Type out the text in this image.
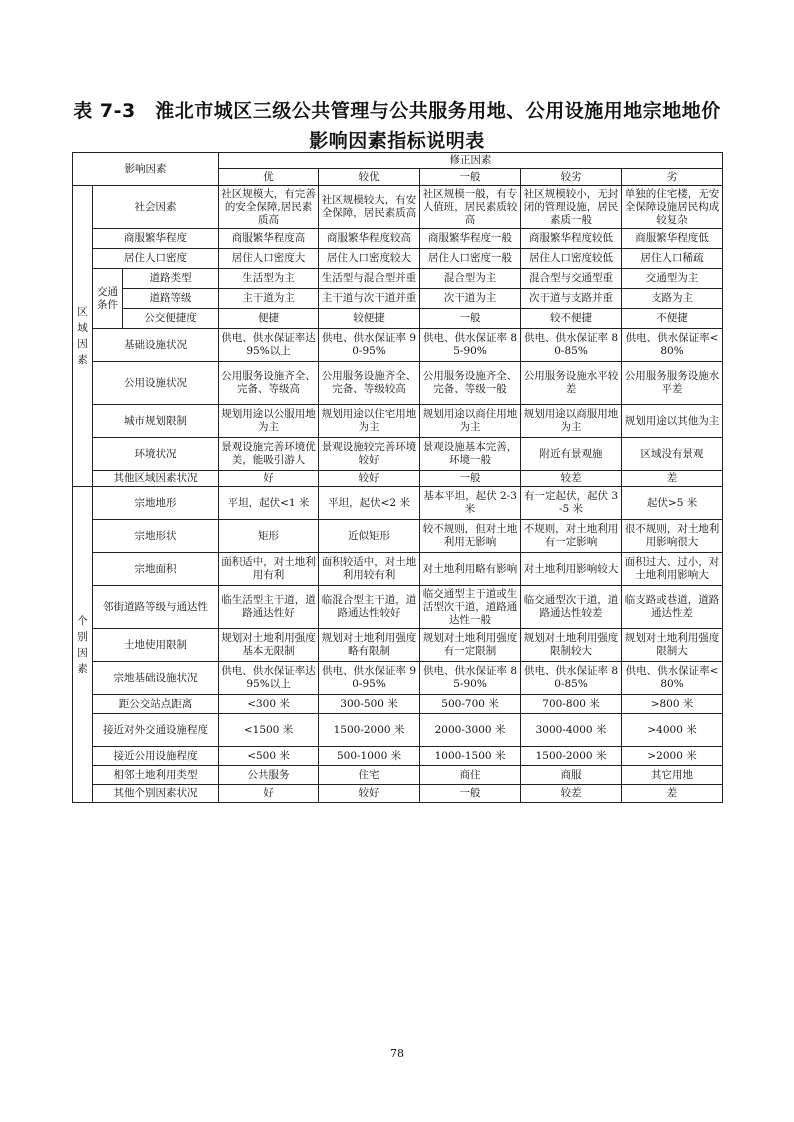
表 7-3　淮北市城区三级公共管理与公共服务用地、公用设施用地宗地地价
影响因素指标说明表
影响因素			修正因素				
			优	较优	一般	较劣	劣
区域因素	社会因素		社区规模大，有完善的安全保障,居民素质高	社区规模较大，有安全保障，居民素质高	社区规模一般，有专人值班，居民素质较高	社区规模较小，无封闭的管理设施，居民素质一般	单独的住宅楼，无安全保障设施居民构成较复杂
	商服繁华程度		商服繁华程度高	商服繁华程度较高	商服繁华程度一般	商服繁华程度较低	商服繁华程度低
	居住人口密度		居住人口密度大	居住人口密度较大	居住人口密度一般	居住人口密度较低	居住人口稀疏
	交通条件	道路类型	生活型为主	生活型与混合型并重	混合型为主	混合型与交通型重	交通型为主
		道路等级	主干道为主	主干道与次干道并重	次干道为主	次干道与支路并重	支路为主
		公交便捷度	便捷	较便捷	一般	较不便捷	不便捷
	基础设施状况		供电、供水保证率达95%以上	供电、供水保证率 90-95%	供电、供水保证率 85-90%	供电、供水保证率 80-85%	供电、供水保证率<80%
	公用设施状况		公用服务设施齐全、完备、等级高	公用服务设施齐全、完备、等级较高	公用服务设施齐全、完备、等级一般	公用服务设施水平较差	公用服务服务设施水平差
	城市规划限制		规划用途以公服用地为主	规划用途以住宅用地为主	规划用途以商住用地为主	规划用途以商服用地为主	规划用途以其他为主
	环境状况		景观设施完善环境优美，能吸引游人	景观设施较完善环境较好	景观设施基本完善，环境一般	附近有景观施	区域没有景观
	其他区域因素状况		好	较好	一般	较差	差
个别因素	宗地地形		平坦，起伏<1 米	平坦，起伏<2 米	基本平坦，起伏 2-3 米	有一定起伏，起伏 3-5 米	起伏>5 米
	宗地形状		矩形	近似矩形	较不规则，但对土地利用无影响	不规则，对土地利用有一定影响	很不规则，对土地利用影响很大
	宗地面积		面积适中，对土地利用有利	面积较适中，对土地利用较有利	对土地利用略有影响	对土地利用影响较大	面积过大、过小，对土地利用影响大
	邻街道路等级与通达性		临生活型主干道，道路通达性好	临混合型主干道，道路通达性较好	临交通型主干道或生活型次干道，道路通达性一般	临交通型次干道，道路通达性较差	临支路或巷道，道路通达性差
	土地使用限制		规划对土地利用强度基本无限制	规划对土地利用强度略有限制	规划对土地利用强度有一定限制	规划对土地利用强度限制较大	规划对土地利用强度限制大
	宗地基础设施状况		供电、供水保证率达95%以上	供电、供水保证率 90-95%	供电、供水保证率 85-90%	供电、供水保证率 80-85%	供电、供水保证率<80%
	距公交站点距离		<300 米	300-500 米	500-700 米	700-800 米	>800 米
	接近对外交通设施程度		<1500 米	1500-2000 米	2000-3000 米	3000-4000 米	>4000 米
	接近公用设施程度		<500 米	500-1000 米	1000-1500 米	1500-2000 米	>2000 米
	相邻土地利用类型		公共服务	住宅	商住	商服	其它用地
	其他个别因素状况		好	较好	一般	较差	差
78
